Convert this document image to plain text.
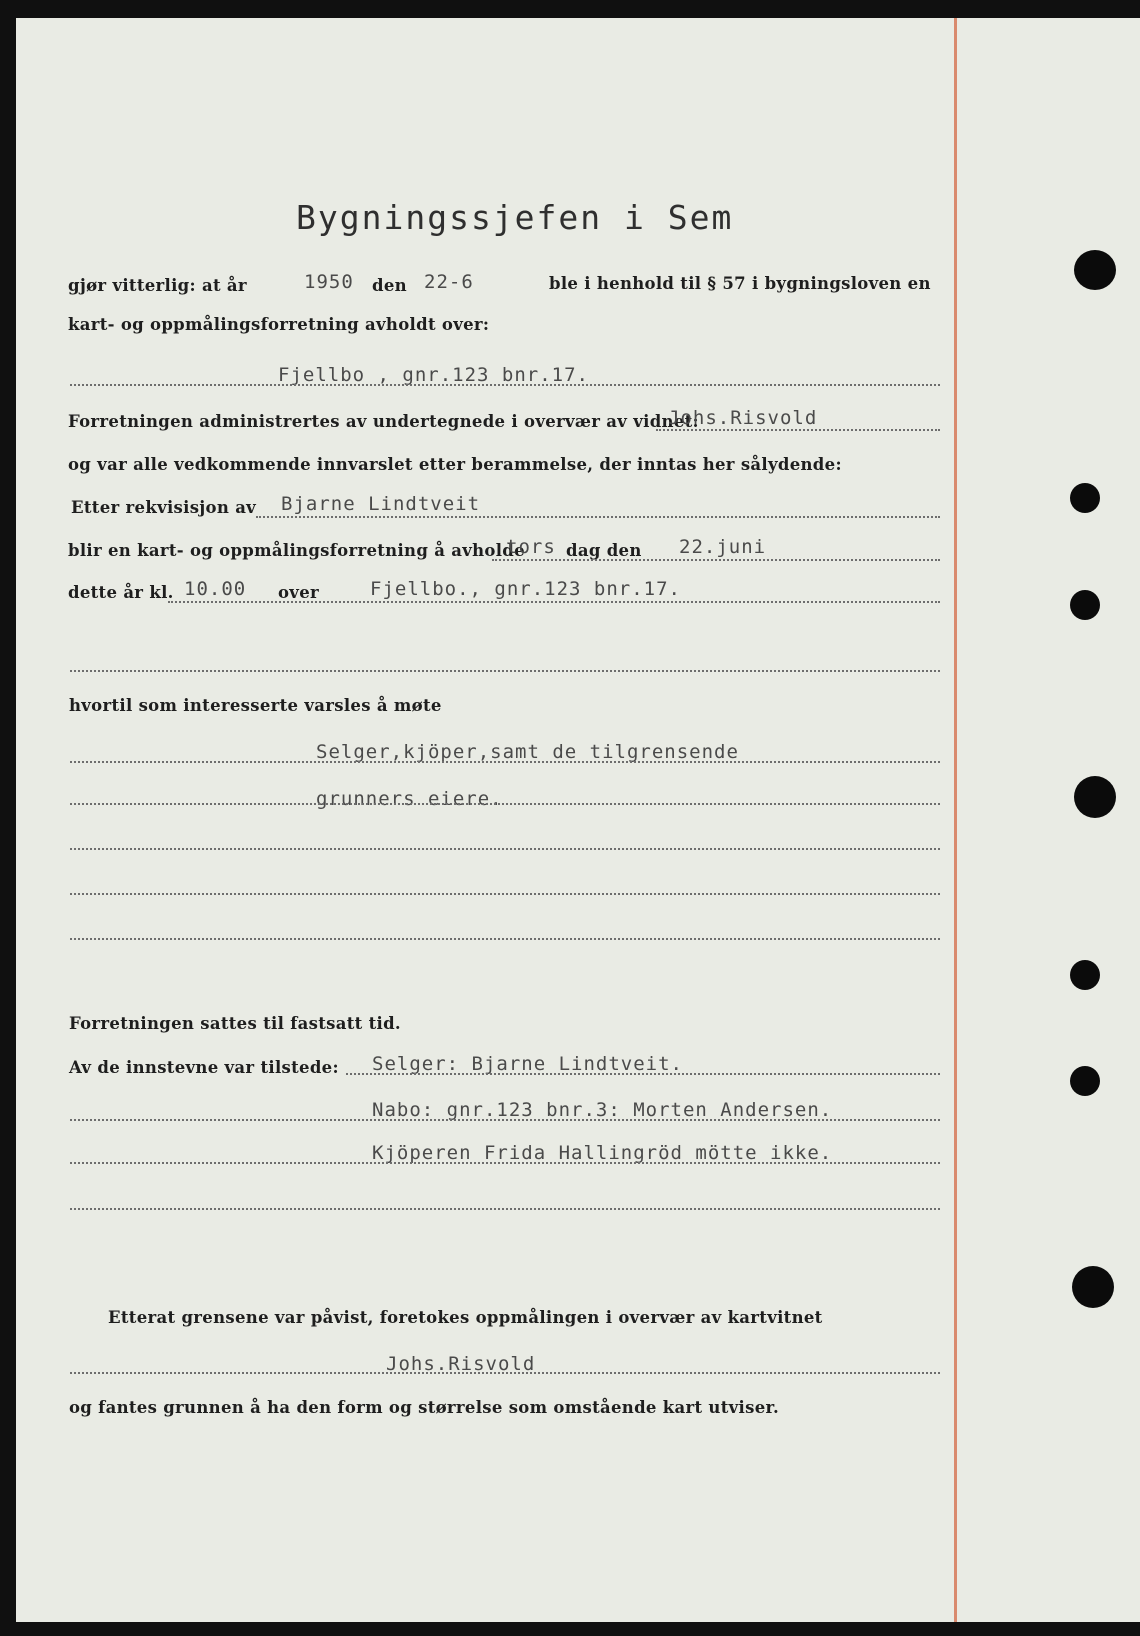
Bygningssjefen i Sem
gjør vitterlig: at år	1950 den 22-6	ble i henhold til § 57 i bygningsloven en
kart- og oppmålingsforretning avholdt over:
Fjellbo , gnr.123 bnr.17.
Forretningen administrertes av undertegnede i overvær av vidnet:
Johs.Risvold
og var alle vedkommende innvarslet etter berammelse, der inntas her sålydende:
Etter rekvisisjon av Bjarne Lindtveit
blir en kart- og oppmålingsforretning å avholde
tors dag den 22.juni
dette år kl. 10.00 over	Fjellbo., gnr.123 bnr.17.
hvortil som interesserte varsles å møte
Selger,kjöper,samt de tilgrensende
grunners eiere.
Forretningen sattes til fastsatt tid.
Av de innstevne var tilstede: Selger: Bjarne Lindtveit.
Nabo: gnr.123 bnr.3: Morten Andersen.
Kjöperen Frida Hallingröd mötte ikke.
Etterat grensene var påvist, foretokes oppmålingen i overvær av kartvitnet
Johs.Risvold
og fantes grunnen å ha den form og størrelse som omstående kart utviser.
